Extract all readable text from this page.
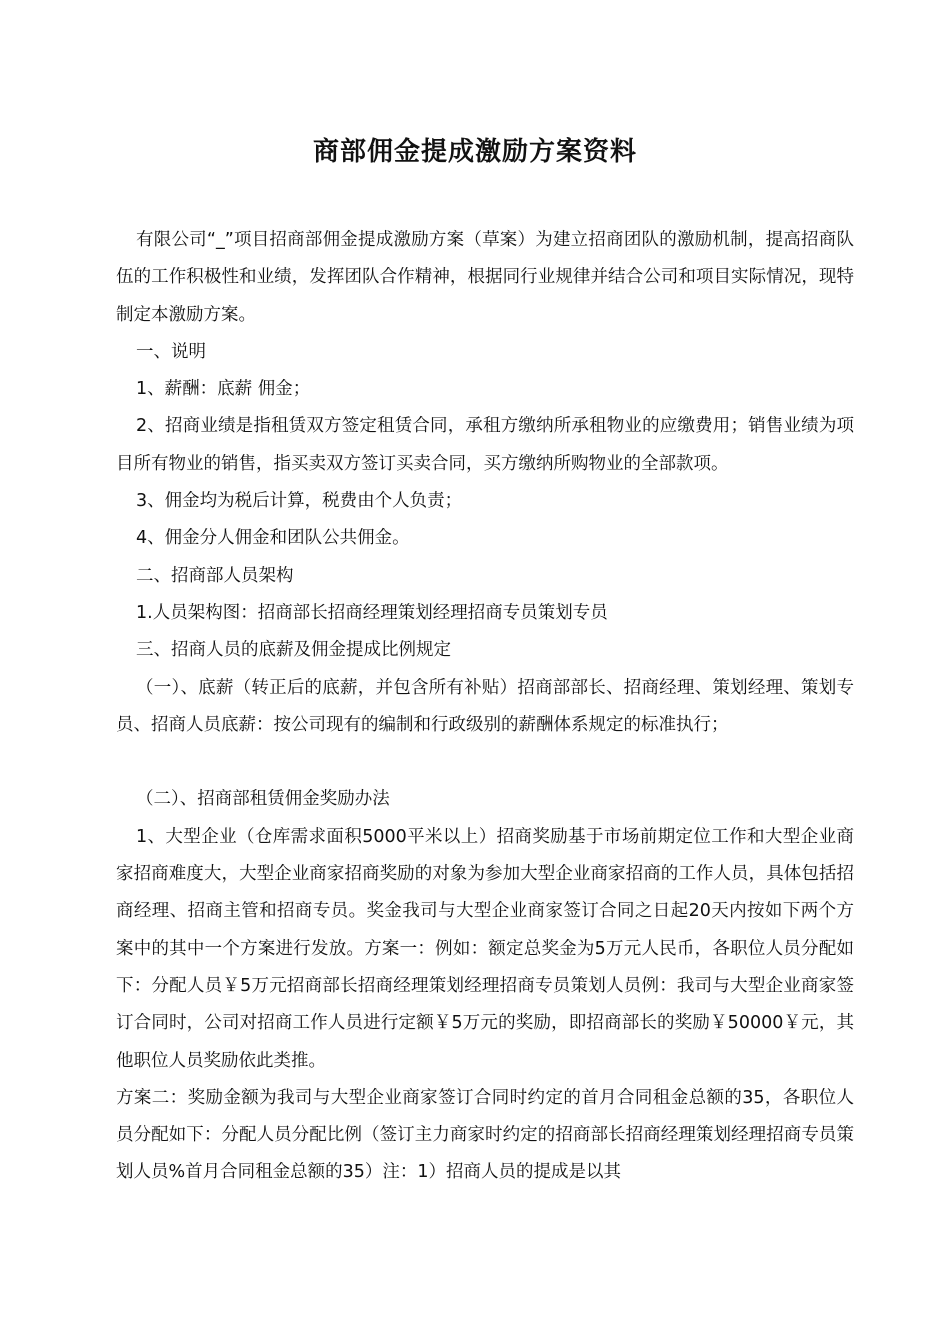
商部佣金提成激励方案资料

有限公司“_”项目招商部佣金提成激励方案（草案）为建立招商团队的激励机制，提高招商队伍的工作积极性和业绩，发挥团队合作精神，根据同行业规律并结合公司和项目实际情况，现特制定本激励方案。

一、说明

1、薪酬：底薪 佣金；

2、招商业绩是指租赁双方签定租赁合同，承租方缴纳所承租物业的应缴费用；销售业绩为项目所有物业的销售，指买卖双方签订买卖合同，买方缴纳所购物业的全部款项。

3、佣金均为税后计算，税费由个人负责；

4、佣金分人佣金和团队公共佣金。

二、招商部人员架构

1.人员架构图：招商部长招商经理策划经理招商专员策划专员

三、招商人员的底薪及佣金提成比例规定

（一）、底薪（转正后的底薪，并包含所有补贴）招商部部长、招商经理、策划经理、策划专员、招商人员底薪：按公司现有的编制和行政级别的薪酬体系规定的标准执行；

（二）、招商部租赁佣金奖励办法

1、大型企业（仓库需求面积5000平米以上）招商奖励基于市场前期定位工作和大型企业商家招商难度大，大型企业商家招商奖励的对象为参加大型企业商家招商的工作人员，具体包括招商经理、招商主管和招商专员。奖金我司与大型企业商家签订合同之日起20天内按如下两个方案中的其中一个方案进行发放。方案一：例如：额定总奖金为5万元人民币，各职位人员分配如下：分配人员￥5万元招商部长招商经理策划经理招商专员策划人员例：我司与大型企业商家签订合同时，公司对招商工作人员进行定额￥5万元的奖励，即招商部长的奖励￥50000￥元，其他职位人员奖励依此类推。

方案二：奖励金额为我司与大型企业商家签订合同时约定的首月合同租金总额的35，各职位人员分配如下：分配人员分配比例（签订主力商家时约定的招商部长招商经理策划经理招商专员策划人员%首月合同租金总额的35）注：1）招商人员的提成是以其
